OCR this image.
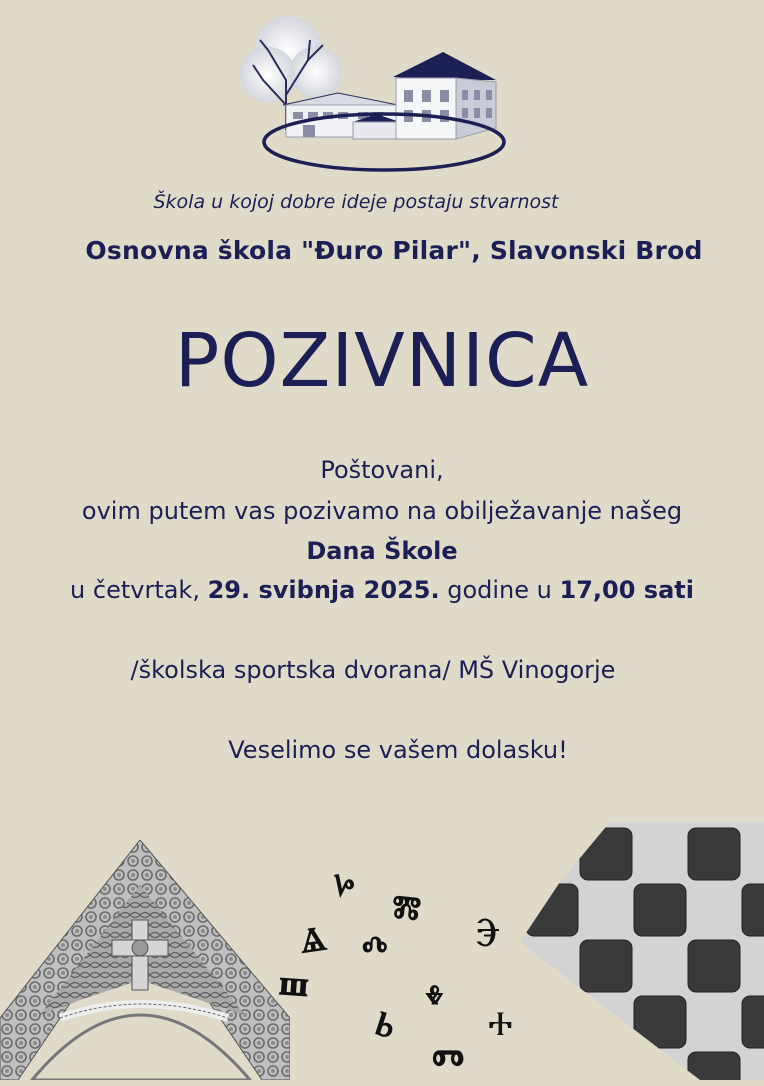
Škola u kojoj dobre ideje postaju stvarnost
Osnovna škola "Đuro Pilar", Slavonski Brod
POZIVNICA
Poštovani,
ovim putem vas pozivamo na obilježavanje našeg
Dana Škole
u četvrtak, 29. svibnja 2025. godine u 17,00 sati
/školska sportska dvorana/ MŠ Vinogorje
Veselimo se vašem dolasku!
Ⱈ
Ⰿ
Ⱑ Ⰴ Ⰵ
Ⱎ	Ⰷ
Ⱃ	Ⰰ
Ⱅ
